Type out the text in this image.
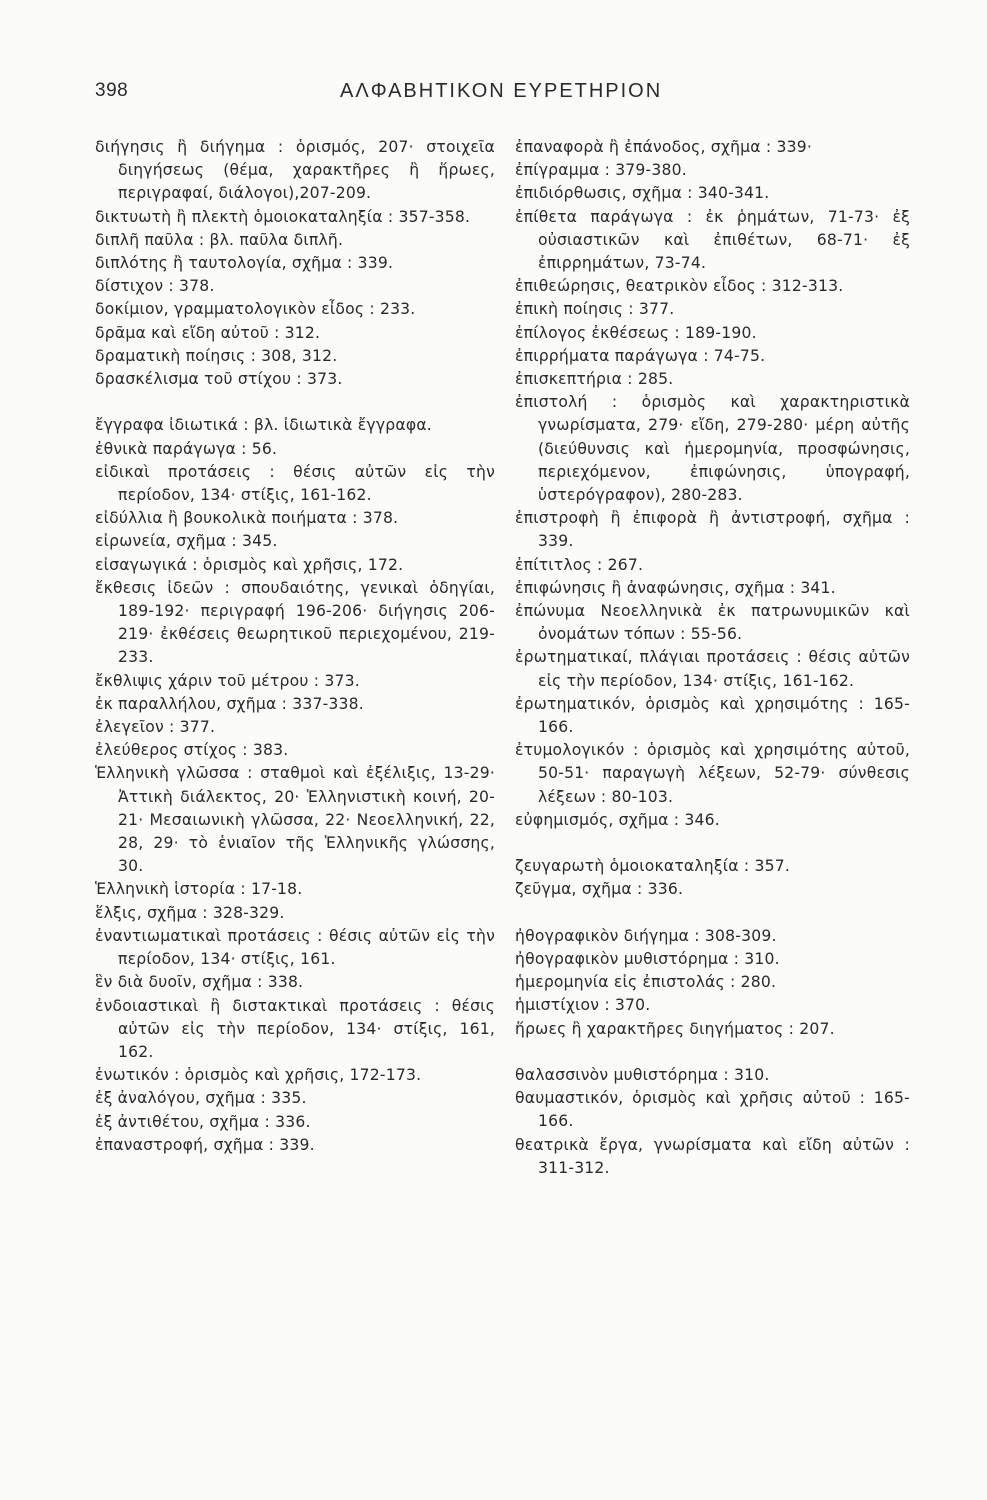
398	ΑΛΦΑΒΗΤΙΚΟΝ ΕΥΡΕΤΗΡΙΟΝ
διήγησις ἢ διήγημα : ὁρισμός, 207· στοιχεῖα διηγήσεως (θέμα, χαρακτῆρες ἢ ἥρωες, περιγραφαί, διάλογοι),207-209.
δικτυωτὴ ἢ πλεκτὴ ὁμοιοκαταληξία : 357-358.
διπλῆ παῦλα : βλ. παῦλα διπλῆ.
διπλότης ἢ ταυτολογία, σχῆμα : 339.
δίστιχον : 378.
δοκίμιον, γραμματολογικὸν εἶδος : 233.
δρᾶμα καὶ εἴδη αὐτοῦ : 312.
δραματικὴ ποίησις : 308, 312.
δρασκέλισμα τοῦ στίχου : 373.
ἔγγραφα ἰδιωτικά : βλ. ἰδιωτικὰ ἔγγραφα.
ἐθνικὰ παράγωγα : 56.
εἰδικαὶ προτάσεις : θέσις αὐτῶν εἰς τὴν περίοδον, 134· στίξις, 161-162.
εἰδύλλια ἢ βουκολικὰ ποιήματα : 378.
εἰρωνεία, σχῆμα : 345.
εἰσαγωγικά : ὁρισμὸς καὶ χρῆσις, 172.
ἔκθεσις ἰδεῶν : σπουδαιότης, γενικαὶ ὁδηγίαι, 189-192· περιγραφή 196-206· διήγησις 206-219· ἐκθέσεις θεωρητικοῦ περιεχομένου, 219-233.
ἔκθλιψις χάριν τοῦ μέτρου : 373.
ἐκ παραλλήλου, σχῆμα : 337-338.
ἐλεγεῖον : 377.
ἐλεύθερος στίχος : 383.
Ἑλληνικὴ γλῶσσα : σταθμοὶ καὶ ἐξέλιξις, 13-29· Ἀττικὴ διάλεκτος, 20· Ἑλληνιστικὴ κοινή, 20-21· Μεσαιωνικὴ γλῶσσα, 22· Νεοελληνική, 22, 28, 29· τὸ ἑνιαῖον τῆς Ἑλληνικῆς γλώσσης, 30.
Ἑλληνικὴ ἱστορία : 17-18.
ἕλξις, σχῆμα : 328-329.
ἐναντιωματικαὶ προτάσεις : θέσις αὐτῶν εἰς τὴν περίοδον, 134· στίξις, 161.
ἓν διὰ δυοῖν, σχῆμα : 338.
ἐνδοιαστικαὶ ἢ διστακτικαὶ προτάσεις : θέσις αὐτῶν εἰς τὴν περίοδον, 134· στίξις, 161, 162.
ἐνωτικόν : ὁρισμὸς καὶ χρῆσις, 172-173.
ἐξ ἀναλόγου, σχῆμα : 335.
ἐξ ἀντιθέτου, σχῆμα : 336.
ἐπαναστροφή, σχῆμα : 339.
ἐπαναφορὰ ἢ ἐπάνοδος, σχῆμα : 339·
ἐπίγραμμα : 379-380.
ἐπιδιόρθωσις, σχῆμα : 340-341.
ἐπίθετα παράγωγα : ἐκ ῥημάτων, 71-73· ἐξ οὐσιαστικῶν καὶ ἐπιθέτων, 68-71· ἐξ ἐπιρρημάτων, 73-74.
ἐπιθεώρησις, θεατρικὸν εἶδος : 312-313.
ἐπικὴ ποίησις : 377.
ἐπίλογος ἐκθέσεως : 189-190.
ἐπιρρήματα παράγωγα : 74-75.
ἐπισκεπτήρια : 285.
ἐπιστολή : ὁρισμὸς καὶ χαρακτηριστικὰ γνωρίσματα, 279· εἴδη, 279-280· μέρη αὐτῆς (διεύθυνσις καὶ ἡμερομηνία, προσφώνησις, περιεχόμενον, ἐπιφώνησις, ὑπογραφή, ὑστερόγραφον), 280-283.
ἐπιστροφὴ ἢ ἐπιφορὰ ἢ ἀντιστροφή, σχῆμα : 339.
ἐπίτιτλος : 267.
ἐπιφώνησις ἢ ἀναφώνησις, σχῆμα : 341.
ἐπώνυμα Νεοελληνικὰ ἐκ πατρωνυμικῶν καὶ ὀνομάτων τόπων : 55-56.
ἐρωτηματικαί, πλάγιαι προτάσεις : θέσις αὐτῶν εἰς τὴν περίοδον, 134· στίξις, 161-162.
ἐρωτηματικόν, ὁρισμὸς καὶ χρησιμότης : 165-166.
ἐτυμολογικόν : ὁρισμὸς καὶ χρησιμότης αὐτοῦ, 50-51· παραγωγὴ λέξεων, 52-79· σύνθεσις λέξεων : 80-103.
εὐφημισμός, σχῆμα : 346.
ζευγαρωτὴ ὁμοιοκαταληξία : 357.
ζεῦγμα, σχῆμα : 336.
ἠθογραφικὸν διήγημα : 308-309.
ἠθογραφικὸν μυθιστόρημα : 310.
ἡμερομηνία εἰς ἐπιστολάς : 280.
ἡμιστίχιον : 370.
ἥρωες ἢ χαρακτῆρες διηγήματος : 207.
θαλασσινὸν μυθιστόρημα : 310.
θαυμαστικόν, ὁρισμὸς καὶ χρῆσις αὐτοῦ : 165-166.
θεατρικὰ ἔργα, γνωρίσματα καὶ εἴδη αὐτῶν : 311-312.
